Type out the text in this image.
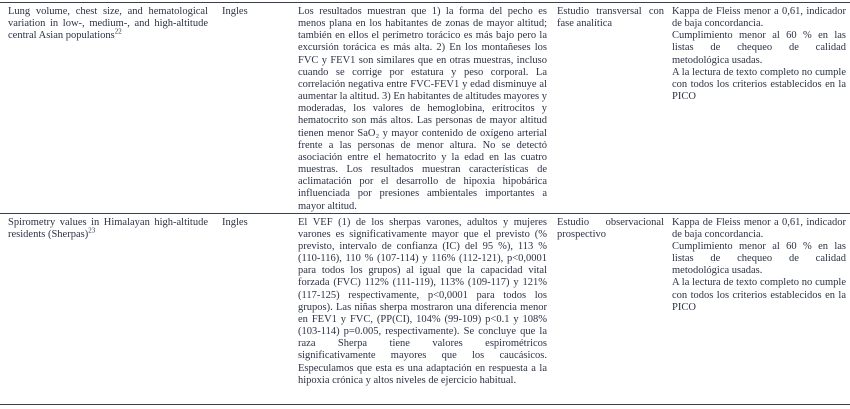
Lung volume, chest size, and hematological variation in low-, medium-, and high-altitude central Asian populations$^{22}$
Ingles	Los resultados muestran que 1) la forma del pecho es menos plana en los habitantes de zonas de mayor altitud; también en ellos el perímetro torácico es más bajo pero la excursión torácica es más alta. 2) En los montañeses los FVC y FEV1 son similares que en otras muestras, incluso cuando se corrige por estatura y peso corporal. La correlación negativa entre FVC-FEV1 y edad disminuye al aumentar la altitud. 3) En habitantes de altitudes mayores y moderadas, los valores de hemoglobina, eritrocitos y hematocrito son más altos. Las personas de mayor altitud tienen menor SaO₂ y mayor contenido de oxígeno arterial frente a las personas de menor altura. No se detectó asociación entre el hematocrito y la edad en las cuatro muestras. Los resultados muestran características de aclimatación por el desarrollo de hipoxia hipobárica influenciada por presiones ambientales importantes a mayor altitud.
Estudio transversal con fase analítica

Kappa de Fleiss menor a 0,61, indicador de baja concordancia.

Cumplimiento menor al 60 % en las listas de chequeo de calidad metodológica usadas.

A la lectura de texto completo no cumple con todos los criterios establecidos en la PICO

Spirometry values in Himalayan high-altitude residents (Sherpas)$^{23}$
Ingles	El VEF (1) de los sherpas varones, adultos y mujeres varones es significativamente mayor que el previsto (% previsto, intervalo de confianza (IC) del 95 %), 113 % (110-116), 110 % (107-114) y 116% (112-121), p<0,0001 para todos los grupos) al igual que la capacidad vital forzada (FVC) 112% (111-119), 113% (109-117) y 121% (117-125) respectivamente, p<0,0001 para todos los grupos). Las niñas sherpa mostraron una diferencia menor en FEV1 y FVC, (PP(CI), 104% (99-109) p<0.1 y 108% (103-114) p=0.005, respectivamente). Se concluye que la raza Sherpa tiene valores espirométricos significativamente mayores que los caucásicos. Especulamos que esta es una adaptación en respuesta a la hipoxia crónica y altos niveles de ejercicio habitual.
Estudio observacional prospectivo

Kappa de Fleiss menor a 0,61, indicador de baja concordancia.

Cumplimiento menor al 60 % en las listas de chequeo de calidad metodológica usadas.

A la lectura de texto completo no cumple con todos los criterios establecidos en la PICO
